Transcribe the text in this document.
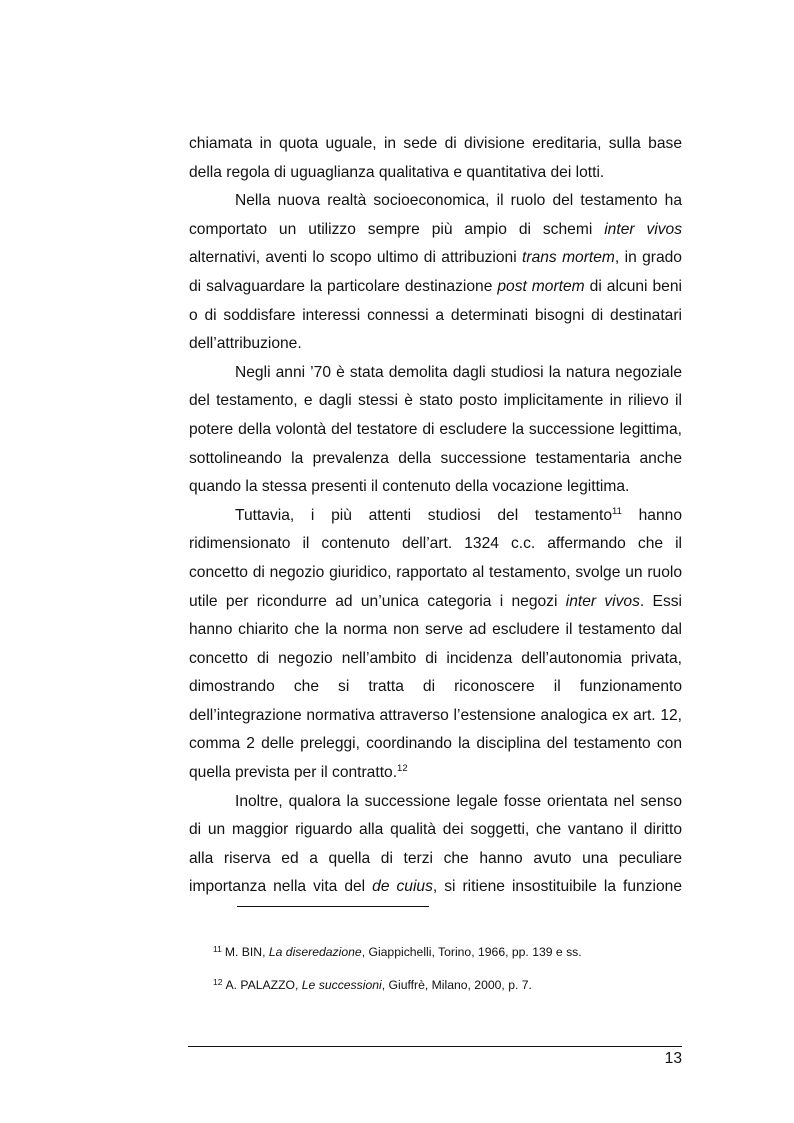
chiamata in quota uguale, in sede di divisione ereditaria, sulla base della regola di uguaglianza qualitativa e quantitativa dei lotti.

Nella nuova realtà socioeconomica, il ruolo del testamento ha comportato un utilizzo sempre più ampio di schemi inter vivos alternativi, aventi lo scopo ultimo di attribuzioni trans mortem, in grado di salvaguardare la particolare destinazione post mortem di alcuni beni o di soddisfare interessi connessi a determinati bisogni di destinatari dell’attribuzione.

Negli anni ’70 è stata demolita dagli studiosi la natura negoziale del testamento, e dagli stessi è stato posto implicitamente in rilievo il potere della volontà del testatore di escludere la successione legittima, sottolineando la prevalenza della successione testamentaria anche quando la stessa presenti il contenuto della vocazione legittima.

Tuttavia, i più attenti studiosi del testamento$^{11}$ hanno ridimensionato il contenuto dell’art. 1324 c.c. affermando che il concetto di negozio giuridico, rapportato al testamento, svolge un ruolo utile per ricondurre ad un’unica categoria i negozi inter vivos. Essi hanno chiarito che la norma non serve ad escludere il testamento dal concetto di negozio nell’ambito di incidenza dell’autonomia privata, dimostrando che si tratta di riconoscere il funzionamento dell’integrazione normativa attraverso l’estensione analogica ex art. 12, comma 2 delle preleggi, coordinando la disciplina del testamento con quella prevista per il contratto.$^{12}$

Inoltre, qualora la successione legale fosse orientata nel senso di un maggior riguardo alla qualità dei soggetti, che vantano il diritto alla riserva ed a quella di terzi che hanno avuto una peculiare importanza nella vita del de cuius, si ritiene insostituibile la funzione

$^{11}$ M. BIN, La diseredazione, Giappichelli, Torino, 1966, pp. 139 e ss.
$^{12}$ A. PALAZZO, Le successioni, Giuffrè, Milano, 2000, p. 7.
13
